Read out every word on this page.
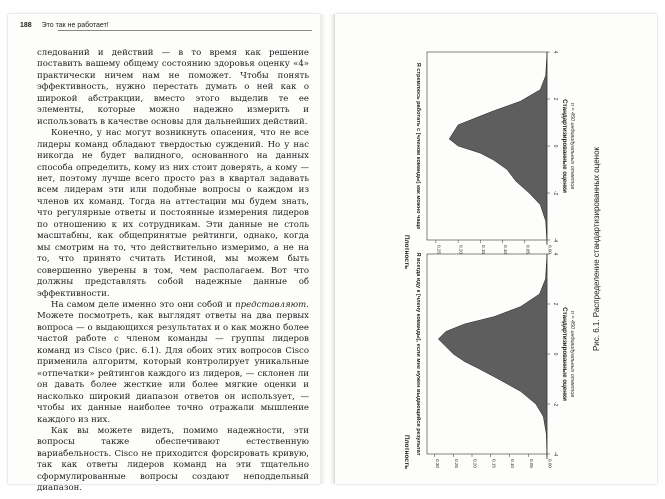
188 Это так не работает!

следований и действий — в то время как решение поставить вашему общему состоянию здоровья оценку «4» практически ничем нам не поможет. Чтобы понять эффективность, нужно перестать думать о ней как о широкой абстракции, вместо этого выделив те ее элементы, которые можно надежно измерить и использовать в качестве основы для дальнейших действий.

Конечно, у нас могут возникнуть опасения, что не все лидеры команд обладают твердостью суждений. Но у нас никогда не будет валидного, основанного на данных способа определить, кому из них стоит доверять, а кому — нет, поэтому лучше всего просто раз в квартал задавать всем лидерам эти или подобные вопросы о каждом из членов их команд. Тогда на аттестации мы будем знать, что регулярные ответы и постоянные измерения лидеров по отношению к их сотрудникам. Эти данные не столь масштабны, как общепринятые рейтинги, однако, когда мы смотрим на то, что действительно измеримо, а не на то, что принято считать Истиной, мы можем быть совершенно уверены в том, чем располагаем. Вот что должны представлять собой надежные данные об эффективности.

На самом деле именно это они собой и представляют. Можете посмотреть, как выглядят ответы на два первых вопроса — о выдающихся результатах и о как можно более частой работе с членом команды — группы лидеров команд из Cisco (рис. 6.1). Для обоих этих вопросов Cisco применила алгоритм, который контролирует уникальные «отпечатки» рейтингов каждого из лидеров, — склонен ли он давать более жесткие или более мягкие оценки и насколько широкий диапазон ответов он использует, — чтобы их данные наиболее точно отражали мышление каждого из них.

Как вы можете видеть, помимо надежности, эти вопросы также обеспечивают естественную вариабельность. Cisco не приходится форсировать кривую, так как ответы лидеров команд на эти тщательно сформулированные вопросы создают неподдельный диапазон.

-4
-2
0
2
4
0.00
0.05
0.10
0.15
0.20
0.25
-4
-2
0
2
4
0.00
0.05
0.10
0.15
0.20
0.25
0.30
Плотность
Плотность
Я стремлюсь работать с [членом команды] как можно чаще
Я всегда иду к [члену команды], если мне нужен выдающийся результат
Стандартизированные оценки n = 450 индивидуальных ответов
Стандартизированные оценки n = 450 индивидуальных ответов
Рис. 6.1. Распределение стандартизированных оценок
